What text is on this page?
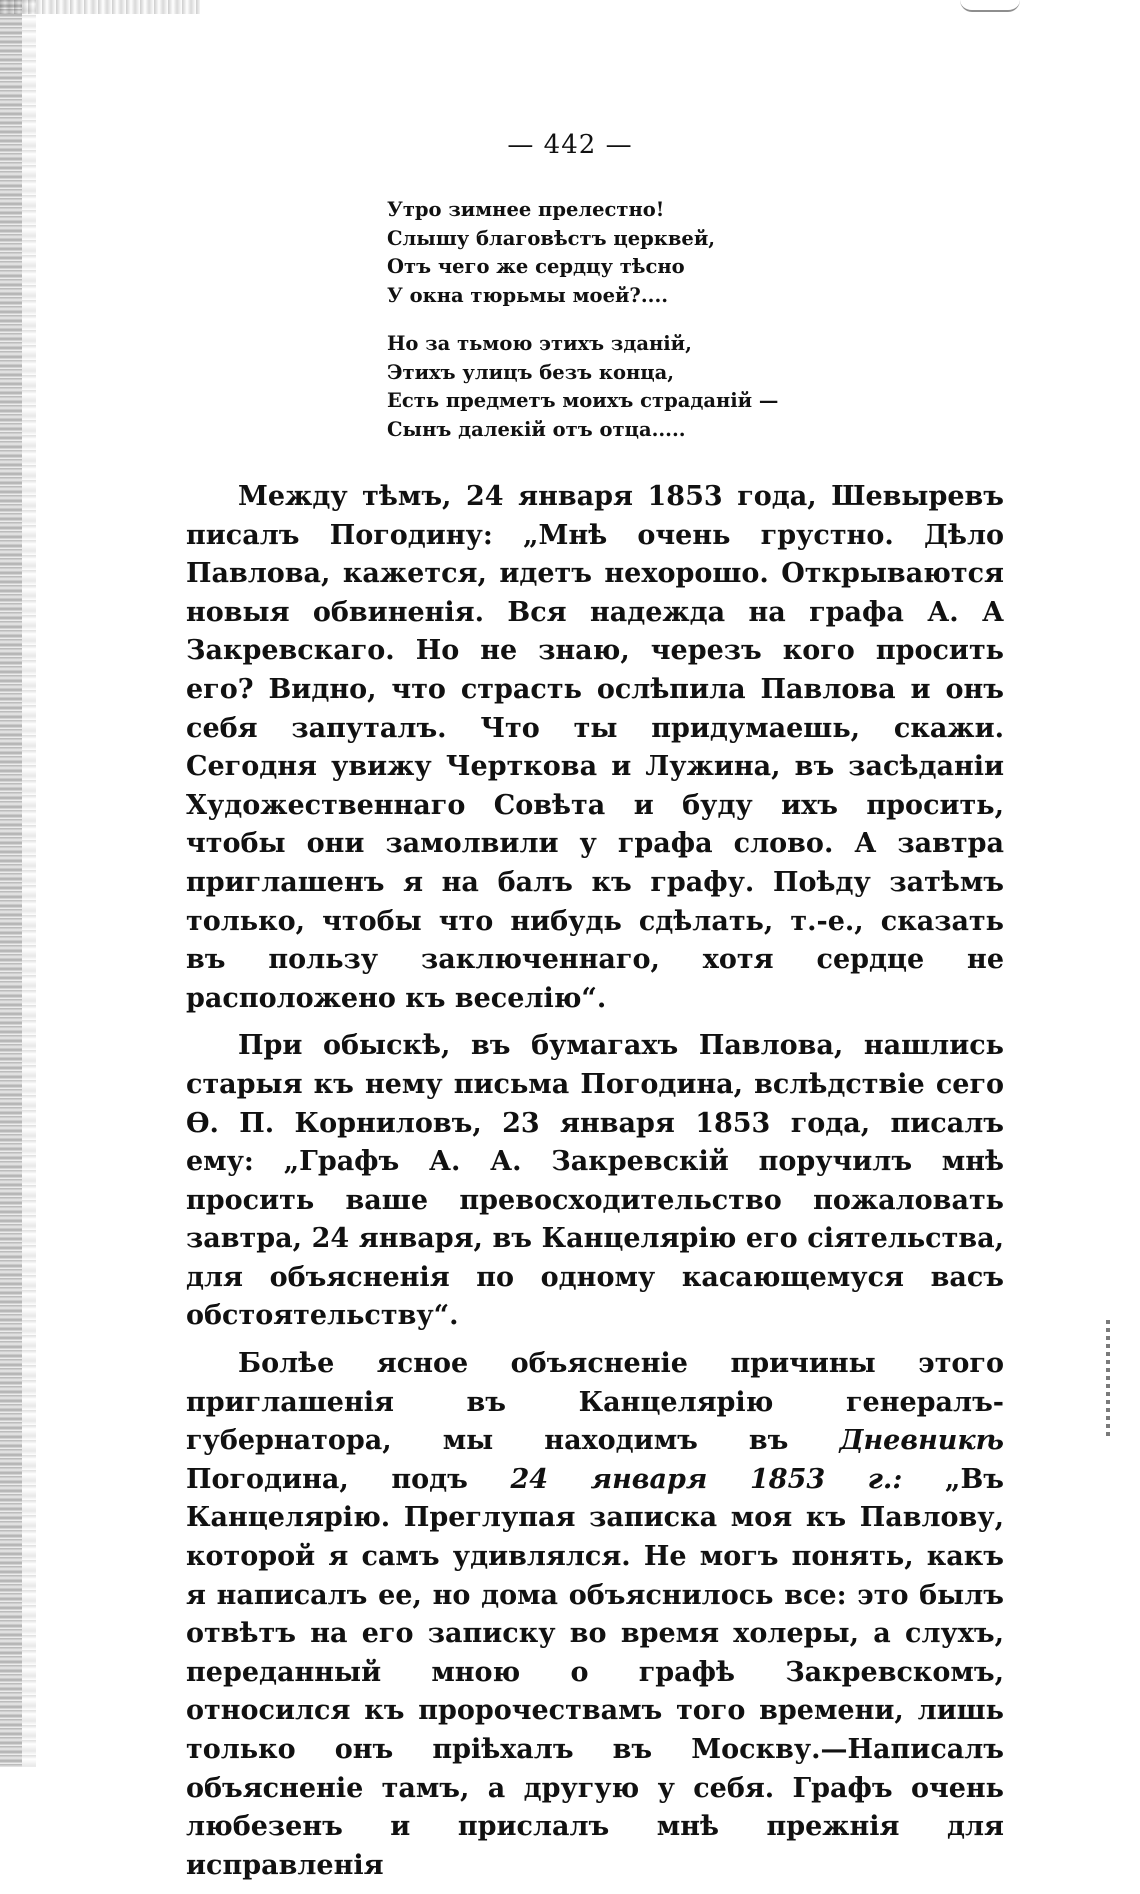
— 442 —
Утро зимнее прелестно!
Слышу благовѣстъ церквей,
Отъ чего же сердцу тѣсно
У окна тюрьмы моей?....
Но за тьмою этихъ зданій,
Этихъ улицъ безъ конца,
Есть предметъ моихъ страданій —
Сынъ далекій отъ отца.....

Между тѣмъ, 24 января 1853 года, Шевыревъ писалъ Погодину: „Мнѣ очень грустно. Дѣло Павлова, кажется, идетъ нехорошо. Открываются новыя обвиненія. Вся надежда на графа А. А Закревскаго. Но не знаю, черезъ кого просить его? Видно, что страсть ослѣпила Павлова и онъ себя запуталъ. Что ты придумаешь, скажи. Сегодня увижу Черткова и Лужина, въ засѣданіи Художественнаго Совѣта и буду ихъ просить, чтобы они замолвили у графа слово. А завтра приглашенъ я на балъ къ графу. Поѣду затѣмъ только, чтобы что нибудь сдѣлать, т.-е., сказать въ пользу заключеннаго, хотя сердце не расположено къ веселію“.

При обыскѣ, въ бумагахъ Павлова, нашлись старыя къ нему письма Погодина, вслѣдствіе сего Ѳ. П. Корниловъ, 23 января 1853 года, писалъ ему: „Графъ А. А. Закревскій поручилъ мнѣ просить ваше превосходительство пожаловать завтра, 24 января, въ Канцелярію его сіятельства, для объясненія по одному касающемуся васъ обстоятельству“.

Болѣе ясное объясненіе причины этого приглашенія въ Канцелярію генералъ-губернатора, мы находимъ въ Дневникѣ Погодина, подъ 24 января 1853 г.: „Въ Канцелярію. Преглупая записка моя къ Павлову, которой я самъ удивлялся. Не могъ понять, какъ я написалъ ее, но дома объяснилось все: это былъ отвѣтъ на его записку во время холеры, а слухъ, переданный мною о графѣ Закревскомъ, относился къ пророчествамъ того времени, лишь только онъ пріѣхалъ въ Москву.—Написалъ объясненіе тамъ, а другую у себя. Графъ очень любезенъ и прислалъ мнѣ прежнія для исправленія
